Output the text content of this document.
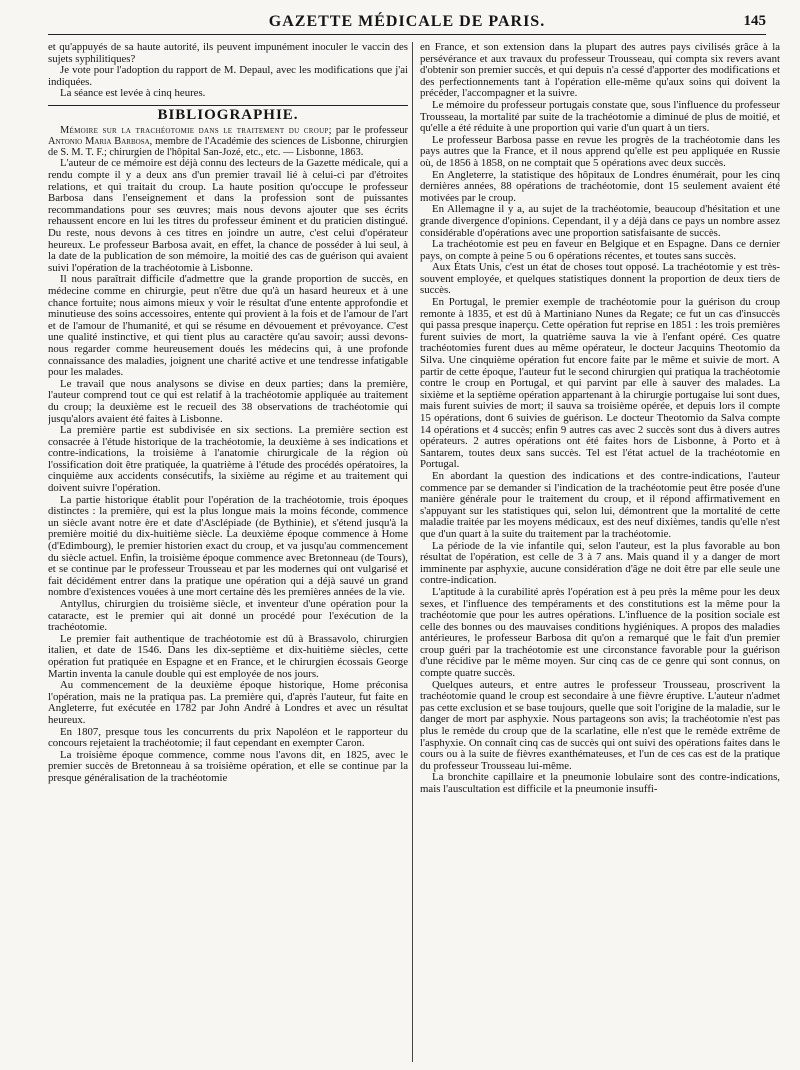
GAZETTE MÉDICALE DE PARIS.	145

et qu'appuyés de sa haute autorité, ils peuvent impunément inoculer le vaccin des sujets syphilitiques?

Je vote pour l'adoption du rapport de M. Depaul, avec les modifications que j'ai indiquées.

La séance est levée à cinq heures.

BIBLIOGRAPHIE.

Mémoire sur la trachéotomie dans le traitement du croup; par le professeur Antonio Maria Barbosa, membre de l'Académie des sciences de Lisbonne, chirurgien de S. M. T. F.; chirurgien de l'hôpital San-Jozé, etc., etc. — Lisbonne, 1863.

L'auteur de ce mémoire est déjà connu des lecteurs de la Gazette médicale, qui a rendu compte il y a deux ans d'un premier travail lié à celui-ci par d'étroites relations, et qui traitait du croup. La haute position qu'occupe le professeur Barbosa dans l'enseignement et dans la profession sont de puissantes recommandations pour ses œuvres; mais nous devons ajouter que ses écrits rehaussent encore en lui les titres du professeur éminent et du praticien distingué. Du reste, nous devons à ces titres en joindre un autre, c'est celui d'opérateur heureux. Le professeur Barbosa avait, en effet, la chance de posséder à lui seul, à la date de la publication de son mémoire, la moitié des cas de guérison qui avaient suivi l'opération de la trachéotomie à Lisbonne.

Il nous paraîtrait difficile d'admettre que la grande proportion de succès, en médecine comme en chirurgie, peut n'être due qu'à un hasard heureux et à une chance fortuite; nous aimons mieux y voir le résultat d'une entente approfondie et minutieuse des soins accessoires, entente qui provient à la fois et de l'amour de l'art et de l'amour de l'humanité, et qui se résume en dévouement et prévoyance. C'est une qualité instinctive, et qui tient plus au caractère qu'au savoir; aussi devons-nous regarder comme heureusement doués les médecins qui, à une profonde connaissance des maladies, joignent une charité active et une tendresse infatigable pour les malades.

Le travail que nous analysons se divise en deux parties; dans la première, l'auteur comprend tout ce qui est relatif à la trachéotomie appliquée au traitement du croup; la deuxième est le recueil des 38 observations de trachéotomie qui jusqu'alors avaient été faites à Lisbonne.

La première partie est subdivisée en six sections. La première section est consacrée à l'étude historique de la trachéotomie, la deuxième à ses indications et contre-indications, la troisième à l'anatomie chirurgicale de la région où l'ossification doit être pratiquée, la quatrième à l'étude des procédés opératoires, la cinquième aux accidents consécutifs, la sixième au régime et au traitement qui doivent suivre l'opération.

La partie historique établit pour l'opération de la trachéotomie, trois époques distinctes : la première, qui est la plus longue mais la moins féconde, commence un siècle avant notre ère et date d'Asclépiade (de Bythinie), et s'étend jusqu'à la première moitié du dix-huitième siècle. La deuxième époque commence à Home (d'Edimbourg), le premier historien exact du croup, et va jusqu'au commencement du siècle actuel. Enfin, la troisième époque commence avec Bretonneau (de Tours), et se continue par le professeur Trousseau et par les modernes qui ont vulgarisé et fait décidément entrer dans la pratique une opération qui a déjà sauvé un grand nombre d'existences vouées à une mort certaine dès les premières années de la vie.

Antyllus, chirurgien du troisième siècle, et inventeur d'une opération pour la cataracte, est le premier qui ait donné un procédé pour l'exécution de la trachéotomie.

Le premier fait authentique de trachéotomie est dû à Brassavolo, chirurgien italien, et date de 1546. Dans les dix-septième et dix-huitième siècles, cette opération fut pratiquée en Espagne et en France, et le chirurgien écossais George Martin inventa la canule double qui est employée de nos jours.

Au commencement de la deuxième époque historique, Home préconisa l'opération, mais ne la pratiqua pas. La première qui, d'après l'auteur, fut faite en Angleterre, fut exécutée en 1782 par John André à Londres et avec un résultat heureux.

En 1807, presque tous les concurrents du prix Napoléon et le rapporteur du concours rejetaient la trachéotomie; il faut cependant en exempter Caron.

La troisième époque commence, comme nous l'avons dit, en 1825, avec le premier succès de Bretonneau à sa troisième opération, et elle se continue par la presque généralisation de la trachéotomie

en France, et son extension dans la plupart des autres pays civilisés grâce à la persévérance et aux travaux du professeur Trousseau, qui compta six revers avant d'obtenir son premier succès, et qui depuis n'a cessé d'apporter des modifications et des perfectionnements tant à l'opération elle-même qu'aux soins qui doivent la précéder, l'accompagner et la suivre.

Le mémoire du professeur portugais constate que, sous l'influence du professeur Trousseau, la mortalité par suite de la trachéotomie a diminué de plus de moitié, et qu'elle a été réduite à une proportion qui varie d'un quart à un tiers.

Le professeur Barbosa passe en revue les progrès de la trachéotomie dans les pays autres que la France, et il nous apprend qu'elle est peu appliquée en Russie où, de 1856 à 1858, on ne comptait que 5 opérations avec deux succès.

En Angleterre, la statistique des hôpitaux de Londres énumérait, pour les cinq dernières années, 88 opérations de trachéotomie, dont 15 seulement avaient été motivées par le croup.

En Allemagne il y a, au sujet de la trachéotomie, beaucoup d'hésitation et une grande divergence d'opinions. Cependant, il y a déjà dans ce pays un nombre assez considérable d'opérations avec une proportion satisfaisante de succès.

La trachéotomie est peu en faveur en Belgique et en Espagne. Dans ce dernier pays, on compte à peine 5 ou 6 opérations récentes, et toutes sans succès.

Aux États Unis, c'est un état de choses tout opposé. La trachéotomie y est très-souvent employée, et quelques statistiques donnent la proportion de deux tiers de succès.

En Portugal, le premier exemple de trachéotomie pour la guérison du croup remonte à 1835, et est dû à Martiniano Nunes da Regate; ce fut un cas d'insuccès qui passa presque inaperçu. Cette opération fut reprise en 1851 : les trois premières furent suivies de mort, la quatrième sauva la vie à l'enfant opéré. Ces quatre trachéotomies furent dues au même opérateur, le docteur Jacquins Theotomio da Silva. Une cinquième opération fut encore faite par le même et suivie de mort. A partir de cette époque, l'auteur fut le second chirurgien qui pratiqua la trachéotomie contre le croup en Portugal, et qui parvint par elle à sauver des malades. La sixième et la septième opération appartenant à la chirurgie portugaise lui sont dues, mais furent suivies de mort; il sauva sa troisième opérée, et depuis lors il compte 15 opérations, dont 6 suivies de guérison. Le docteur Theotomio da Salva compte 14 opérations et 4 succès; enfin 9 autres cas avec 2 succès sont dus à divers autres opérateurs. 2 autres opérations ont été faites hors de Lisbonne, à Porto et à Santarem, toutes deux sans succès. Tel est l'état actuel de la trachéotomie en Portugal.

En abordant la question des indications et des contre-indications, l'auteur commence par se demander si l'indication de la trachéotomie peut être posée d'une manière générale pour le traitement du croup, et il répond affirmativement en s'appuyant sur les statistiques qui, selon lui, démontrent que la mortalité de cette maladie traitée par les moyens médicaux, est des neuf dixièmes, tandis qu'elle n'est que d'un quart à la suite du traitement par la trachéotomie.

La période de la vie infantile qui, selon l'auteur, est la plus favorable au bon résultat de l'opération, est celle de 3 à 7 ans. Mais quand il y a danger de mort imminente par asphyxie, aucune considération d'âge ne doit être par elle seule une contre-indication.

L'aptitude à la curabilité après l'opération est à peu près la même pour les deux sexes, et l'influence des tempéraments et des constitutions est la même pour la trachéotomie que pour les autres opérations. L'influence de la position sociale est celle des bonnes ou des mauvaises conditions hygiéniques. A propos des maladies antérieures, le professeur Barbosa dit qu'on a remarqué que le fait d'un premier croup guéri par la trachéotomie est une circonstance favorable pour la guérison d'une récidive par le même moyen. Sur cinq cas de ce genre qui sont connus, on compte quatre succès.

Quelques auteurs, et entre autres le professeur Trousseau, proscrivent la trachéotomie quand le croup est secondaire à une fièvre éruptive. L'auteur n'admet pas cette exclusion et se base toujours, quelle que soit l'origine de la maladie, sur le danger de mort par asphyxie. Nous partageons son avis; la trachéotomie n'est pas plus le remède du croup que de la scarlatine, elle n'est que le remède extrême de l'asphyxie. On connaît cinq cas de succès qui ont suivi des opérations faites dans le cours ou à la suite de fièvres exanthémateuses, et l'un de ces cas est de la pratique du professeur Trousseau lui-même.

La bronchite capillaire et la pneumonie lobulaire sont des contre-indications, mais l'auscultation est difficile et la pneumonie insuffi-
